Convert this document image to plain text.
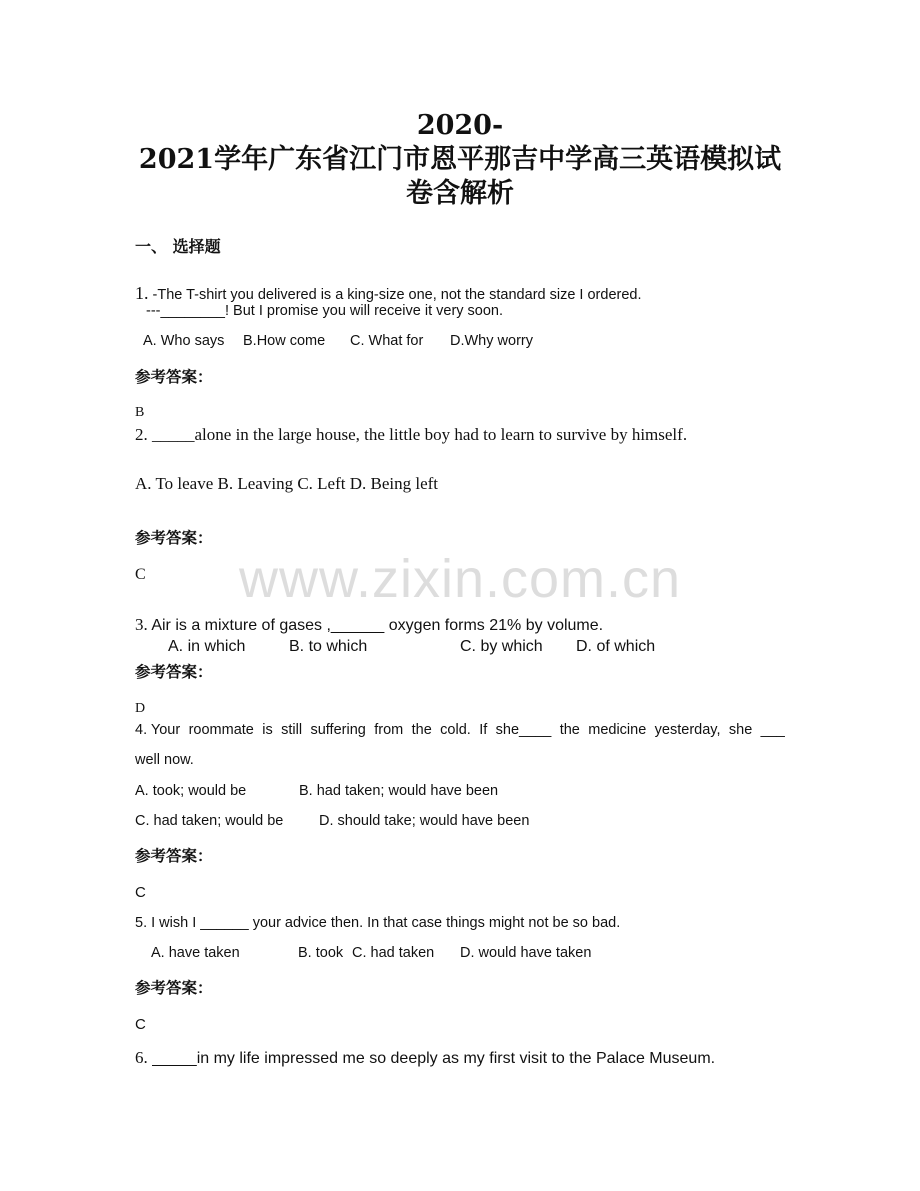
2020-
2021学年广东省江门市恩平那吉中学高三英语模拟试
卷含解析
一、 选择题
1. -The T-shirt you delivered is a king-size one, not the standard size I ordered.
---________! But I promise you will receive it very soon.
A. Who says B.How come C. What for D.Why worry
参考答案：
B
2. _____alone in the large house, the little boy had to learn to survive by himself.
A. To leave B. Leaving C. Left D. Being left
参考答案：
C	www.zixin.com.cn
3. Air is a mixture of gases ,______ oxygen forms 21% by volume.
A. in which	B. to which	C. by which D. of which
参考答案：
D
4. Your roommate is still suffering from the cold. If she____ the medicine yesterday, she ___
well now.
A. took; would be	B. had taken; would have been
C. had taken; would be D. should take; would have been
参考答案：
C
5. I wish I ______ your advice then. In that case things might not be so bad.
A. have taken	B. took C. had taken D. would have taken
参考答案：
C
6. _____in my life impressed me so deeply as my first visit to the Palace Museum.
